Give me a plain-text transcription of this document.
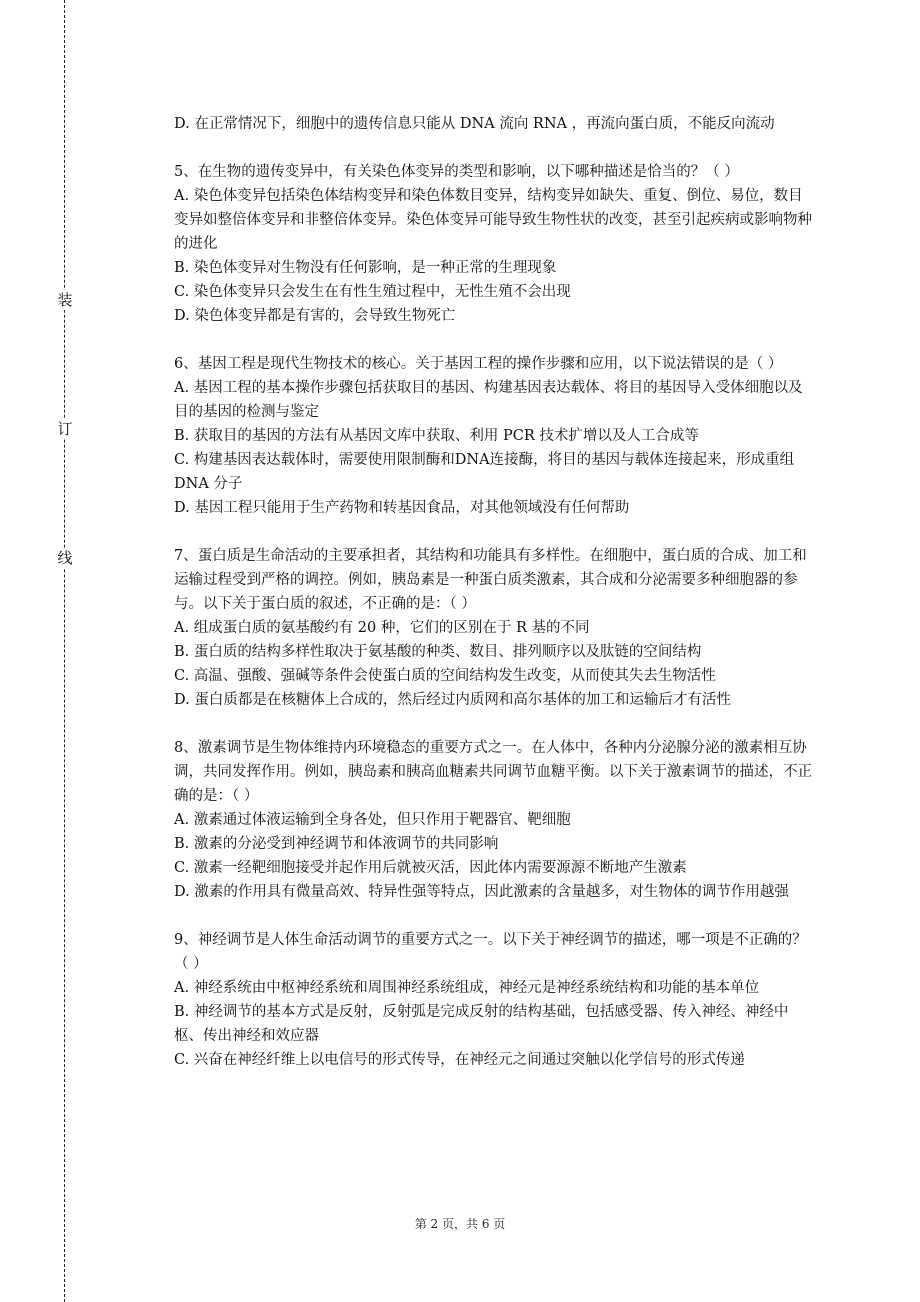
装
订
线

D. 在正常情况下，细胞中的遗传信息只能从 DNA 流向 RNA ，再流向蛋白质，不能反向流动

5、在生物的遗传变异中，有关染色体变异的类型和影响，以下哪种描述是恰当的？（ ）

A. 染色体变异包括染色体结构变异和染色体数目变异，结构变异如缺失、重复、倒位、易位，数目变异如整倍体变异和非整倍体变异。染色体变异可能导致生物性状的改变，甚至引起疾病或影响物种的进化

B. 染色体变异对生物没有任何影响，是一种正常的生理现象

C. 染色体变异只会发生在有性生殖过程中，无性生殖不会出现

D. 染色体变异都是有害的，会导致生物死亡

6、基因工程是现代生物技术的核心。关于基因工程的操作步骤和应用，以下说法错误的是（ ）

A. 基因工程的基本操作步骤包括获取目的基因、构建基因表达载体、将目的基因导入受体细胞以及目的基因的检测与鉴定

B. 获取目的基因的方法有从基因文库中获取、利用 PCR 技术扩增以及人工合成等

C. 构建基因表达载体时，需要使用限制酶和DNA连接酶，将目的基因与载体连接起来，形成重组 DNA 分子

D. 基因工程只能用于生产药物和转基因食品，对其他领域没有任何帮助

7、蛋白质是生命活动的主要承担者，其结构和功能具有多样性。在细胞中，蛋白质的合成、加工和运输过程受到严格的调控。例如，胰岛素是一种蛋白质类激素，其合成和分泌需要多种细胞器的参与。以下关于蛋白质的叙述，不正确的是：（ ）

A. 组成蛋白质的氨基酸约有 20 种，它们的区别在于 R 基的不同

B. 蛋白质的结构多样性取决于氨基酸的种类、数目、排列顺序以及肽链的空间结构

C. 高温、强酸、强碱等条件会使蛋白质的空间结构发生改变，从而使其失去生物活性

D. 蛋白质都是在核糖体上合成的，然后经过内质网和高尔基体的加工和运输后才有活性

8、激素调节是生物体维持内环境稳态的重要方式之一。在人体中，各种内分泌腺分泌的激素相互协调，共同发挥作用。例如，胰岛素和胰高血糖素共同调节血糖平衡。以下关于激素调节的描述，不正确的是：（ ）

A. 激素通过体液运输到全身各处，但只作用于靶器官、靶细胞

B. 激素的分泌受到神经调节和体液调节的共同影响

C. 激素一经靶细胞接受并起作用后就被灭活，因此体内需要源源不断地产生激素

D. 激素的作用具有微量高效、特异性强等特点，因此激素的含量越多，对生物体的调节作用越强

9、神经调节是人体生命活动调节的重要方式之一。以下关于神经调节的描述，哪一项是不正确的？（ ）

A. 神经系统由中枢神经系统和周围神经系统组成，神经元是神经系统结构和功能的基本单位

B. 神经调节的基本方式是反射，反射弧是完成反射的结构基础，包括感受器、传入神经、神经中枢、传出神经和效应器

C. 兴奋在神经纤维上以电信号的形式传导，在神经元之间通过突触以化学信号的形式传递

第 2 页，共 6 页
